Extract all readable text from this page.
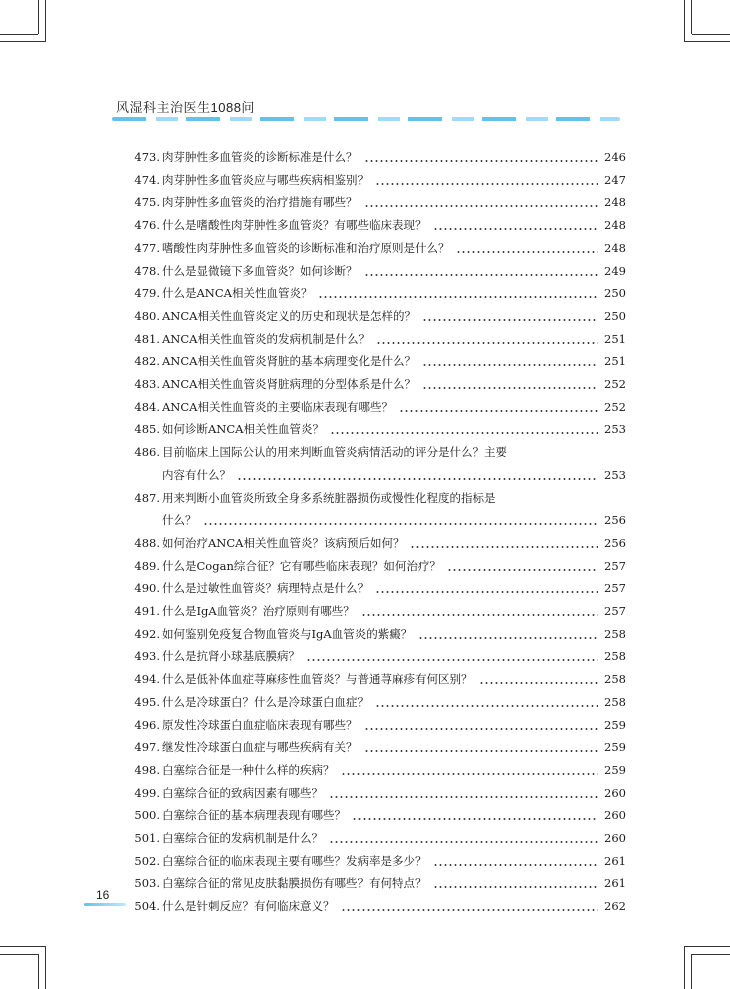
风湿科主治医生1088问
473. 肉芽肿性多血管炎的诊断标准是什么？	246
474. 肉芽肿性多血管炎应与哪些疾病相鉴别？	247
475. 肉芽肿性多血管炎的治疗措施有哪些？	248
476. 什么是嗜酸性肉芽肿性多血管炎？有哪些临床表现？	248
477. 嗜酸性肉芽肿性多血管炎的诊断标准和治疗原则是什么？	248
478. 什么是显微镜下多血管炎？如何诊断？	249
479. 什么是ANCA相关性血管炎？	250
480. ANCA相关性血管炎定义的历史和现状是怎样的？	250
481. ANCA相关性血管炎的发病机制是什么？	251
482. ANCA相关性血管炎肾脏的基本病理变化是什么？	251
483. ANCA相关性血管炎肾脏病理的分型体系是什么？	252
484. ANCA相关性血管炎的主要临床表现有哪些？	252
485. 如何诊断ANCA相关性血管炎？	253
486. 目前临床上国际公认的用来判断血管炎病情活动的评分是什么？主要
内容有什么？	253
487. 用来判断小血管炎所致全身多系统脏器损伤或慢性化程度的指标是
什么？	256
488. 如何治疗ANCA相关性血管炎？该病预后如何？	256
489. 什么是Cogan综合征？它有哪些临床表现？如何治疗？	257
490. 什么是过敏性血管炎？病理特点是什么？	257
491. 什么是IgA血管炎？治疗原则有哪些？	257
492. 如何鉴别免疫复合物血管炎与IgA血管炎的紫癜？	258
493. 什么是抗肾小球基底膜病？	258
494. 什么是低补体血症荨麻疹性血管炎？与普通荨麻疹有何区别？	258
495. 什么是冷球蛋白？什么是冷球蛋白血症？	258
496. 原发性冷球蛋白血症临床表现有哪些？	259
497. 继发性冷球蛋白血症与哪些疾病有关？	259
498. 白塞综合征是一种什么样的疾病？	259
499. 白塞综合征的致病因素有哪些？	260
500. 白塞综合征的基本病理表现有哪些？	260
501. 白塞综合征的发病机制是什么？	260
502. 白塞综合征的临床表现主要有哪些？发病率是多少？	261
503. 白塞综合征的常见皮肤黏膜损伤有哪些？有何特点？	261
504. 什么是针刺反应？有何临床意义？	262
16
